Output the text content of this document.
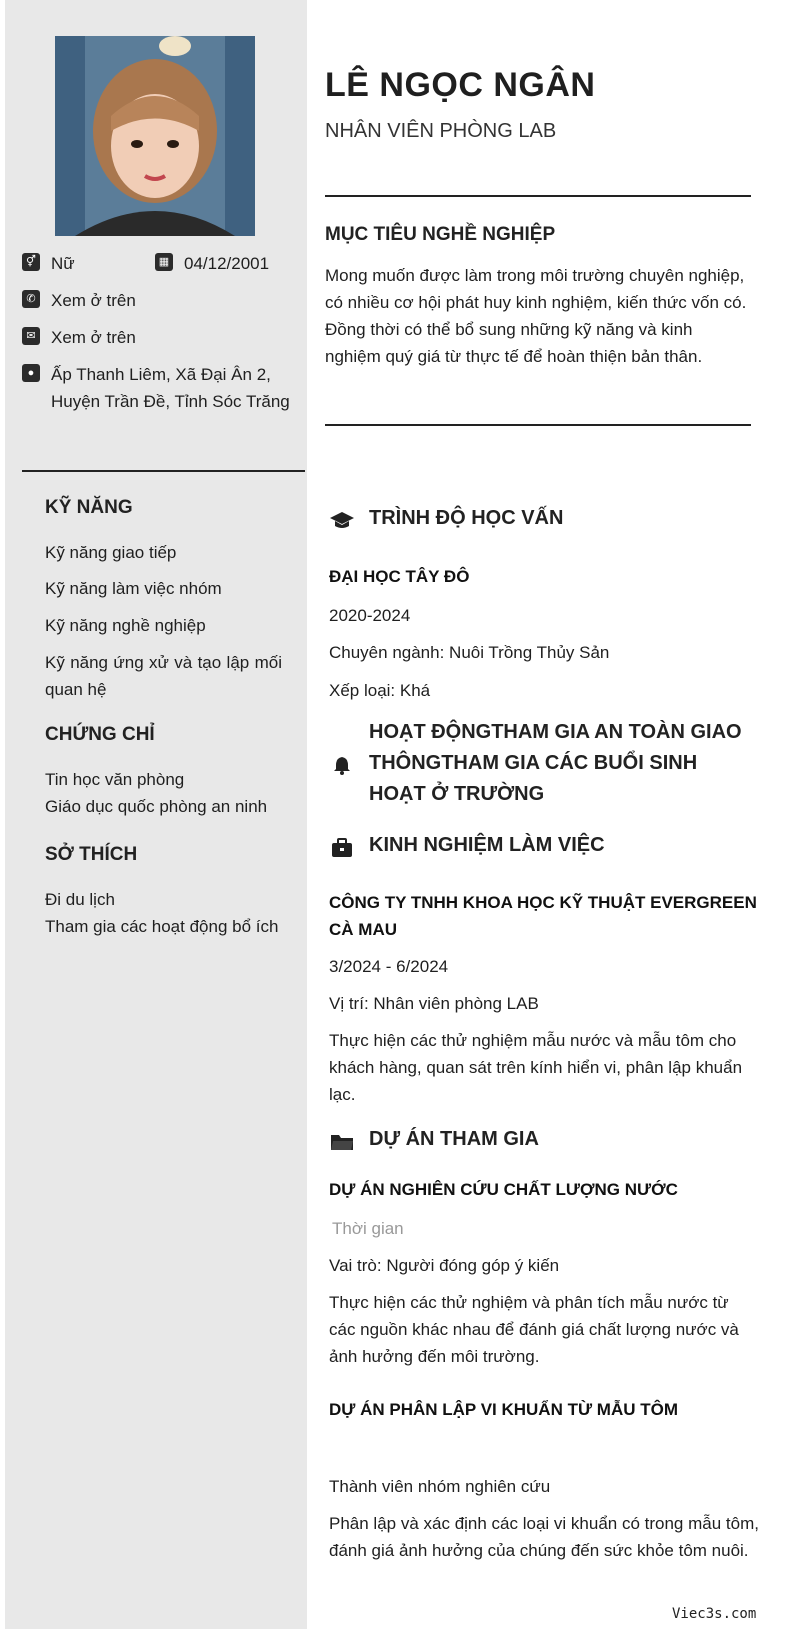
⚥ Nữ	▦ 04/12/2001
✆ Xem ở trên
✉ Xem ở trên
● Ấp Thanh Liêm, Xã Đại Ân 2, Huyện Trần Đề, Tỉnh Sóc Trăng
KỸ NĂNG
Kỹ năng giao tiếp
Kỹ năng làm việc nhóm
Kỹ năng nghề nghiệp
Kỹ năng ứng xử và tạo lập mối quan hệ
CHỨNG CHỈ
Tin học văn phòng
Giáo dục quốc phòng an ninh
SỞ THÍCH
Đi du lịch
Tham gia các hoạt động bổ ích
LÊ NGỌC NGÂN
NHÂN VIÊN PHÒNG LAB
MỤC TIÊU NGHỀ NGHIỆP
Mong muốn được làm trong môi trường chuyên nghiệp, có nhiều cơ hội phát huy kinh nghiệm, kiến thức vốn có. Đồng thời có thể bổ sung những kỹ năng và kinh nghiệm quý giá từ thực tế để hoàn thiện bản thân.
TRÌNH ĐỘ HỌC VẤN
ĐẠI HỌC TÂY ĐÔ
2020-2024
Chuyên ngành: Nuôi Trồng Thủy Sản
Xếp loại: Khá
HOẠT ĐỘNGTHAM GIA AN TOÀN GIAO THÔNGTHAM GIA CÁC BUỔI SINH HOẠT Ở TRƯỜNG
KINH NGHIỆM LÀM VIỆC
CÔNG TY TNHH KHOA HỌC KỸ THUẬT EVERGREEN CÀ MAU
3/2024 - 6/2024
Vị trí: Nhân viên phòng LAB
Thực hiện các thử nghiệm mẫu nước và mẫu tôm cho khách hàng, quan sát trên kính hiển vi, phân lập khuẩn lạc.
DỰ ÁN THAM GIA
DỰ ÁN NGHIÊN CỨU CHẤT LƯỢNG NƯỚC
Thời gian
Vai trò: Người đóng góp ý kiến
Thực hiện các thử nghiệm và phân tích mẫu nước từ các nguồn khác nhau để đánh giá chất lượng nước và ảnh hưởng đến môi trường.
DỰ ÁN PHÂN LẬP VI KHUẨN TỪ MẪU TÔM
Thành viên nhóm nghiên cứu
Phân lập và xác định các loại vi khuẩn có trong mẫu tôm, đánh giá ảnh hưởng của chúng đến sức khỏe tôm nuôi.
Viec3s.com
